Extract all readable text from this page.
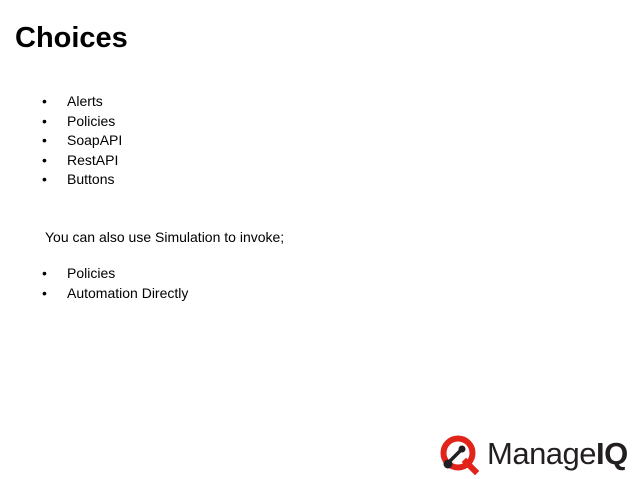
Choices
• Alerts
• Policies
• SoapAPI
• RestAPI
• Buttons

You can also use Simulation to invoke;

• Policies
• Automation Directly
ManageIQ
